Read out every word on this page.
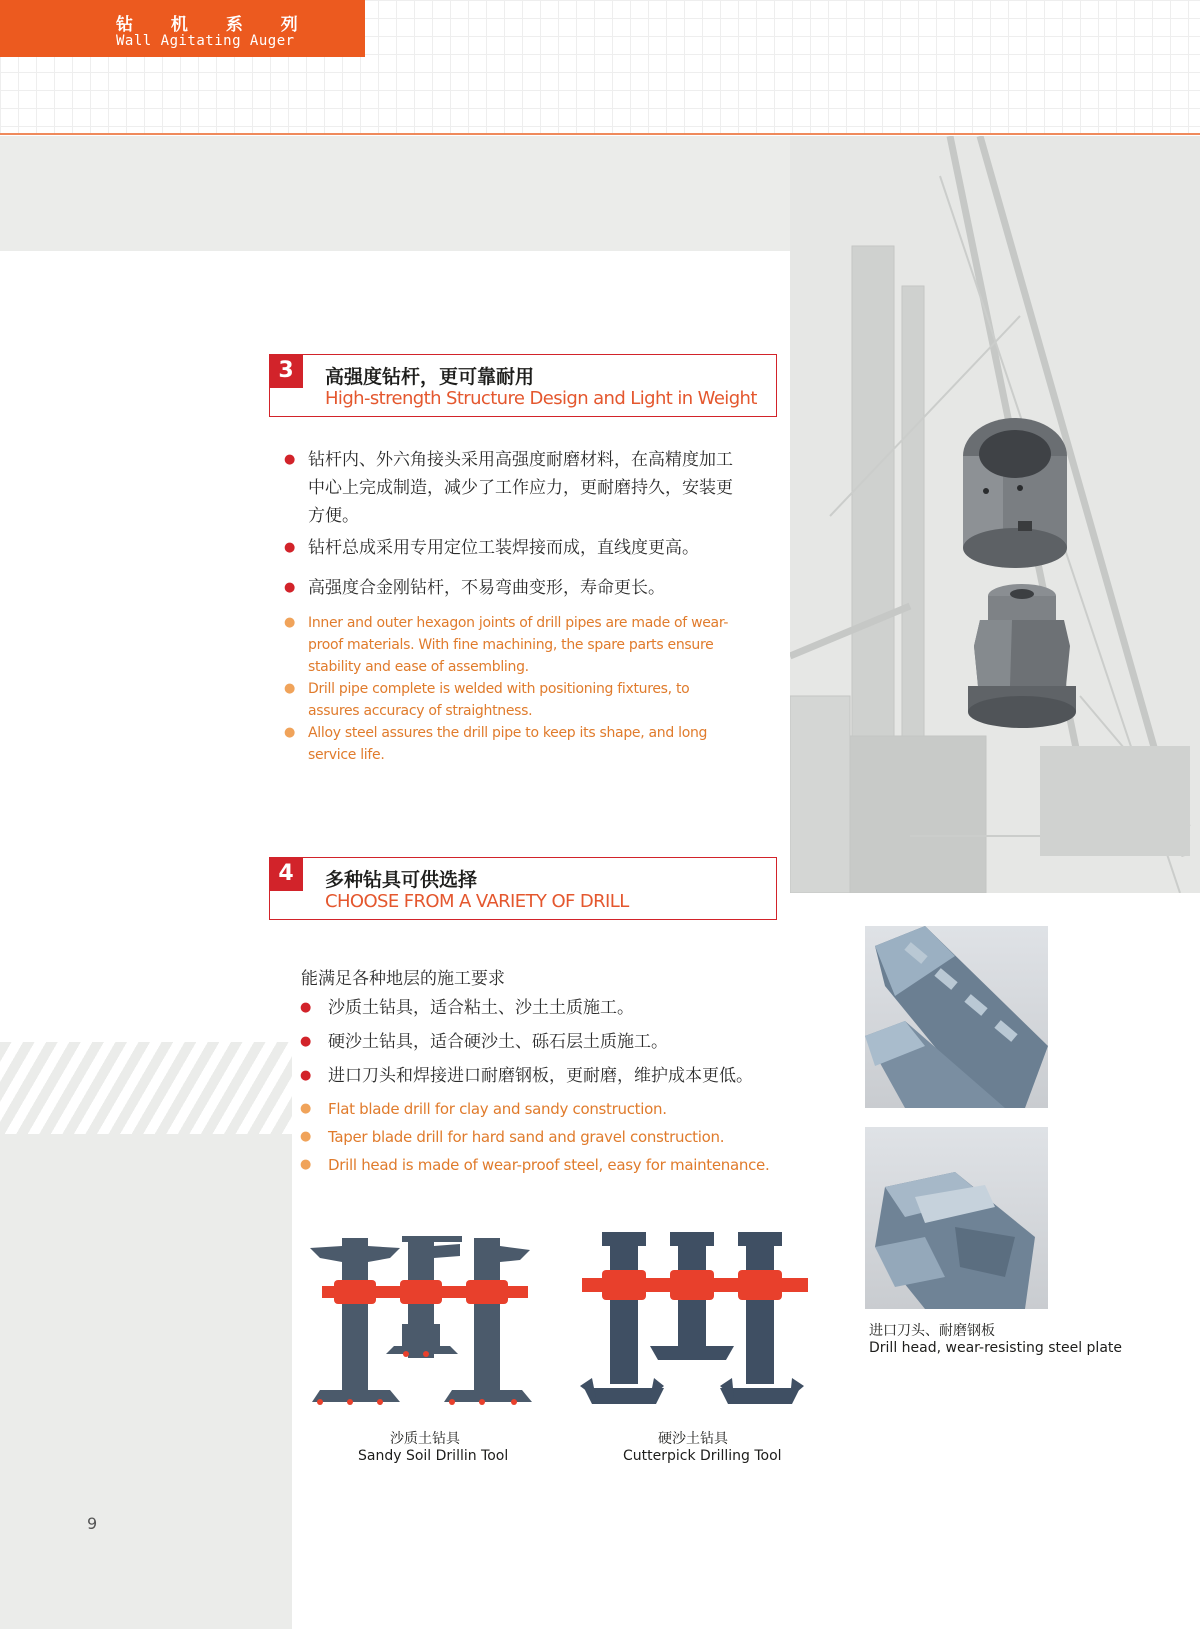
钻 机 系 列
Wall Agitating Auger
3	高强度钻杆，更可靠耐用
High-strength Structure Design and Light in Weight
● 钻杆内、外六角接头采用高强度耐磨材料，在高精度加工中心上完成制造，减少了工作应力，更耐磨持久，安装更方便。
● 钻杆总成采用专用定位工装焊接而成，直线度更高。
● 高强度合金刚钻杆，不易弯曲变形，寿命更长。
● Inner and outer hexagon joints of drill pipes are made of wear-proof materials. With fine machining, the spare parts ensure stability and ease of assembling.
● Drill pipe complete is welded with positioning fixtures, to assures accuracy of straightness.
● Alloy steel assures the drill pipe to keep its shape, and long service life.
4	多种钻具可供选择
CHOOSE FROM A VARIETY OF DRILL
能满足各种地层的施工要求
● 沙质土钻具，适合粘土、沙土土质施工。
● 硬沙土钻具，适合硬沙土、砾石层土质施工。
● 进口刀头和焊接进口耐磨钢板，更耐磨，维护成本更低。
● Flat blade drill for clay and sandy construction.
● Taper blade drill for hard sand and gravel construction.
● Drill head is made of wear-proof steel, easy for maintenance.
沙质土钻具
Sandy Soil Drillin Tool
硬沙土钻具
Cutterpick Drilling Tool
进口刀头、耐磨钢板
Drill head, wear-resisting steel plate
9
